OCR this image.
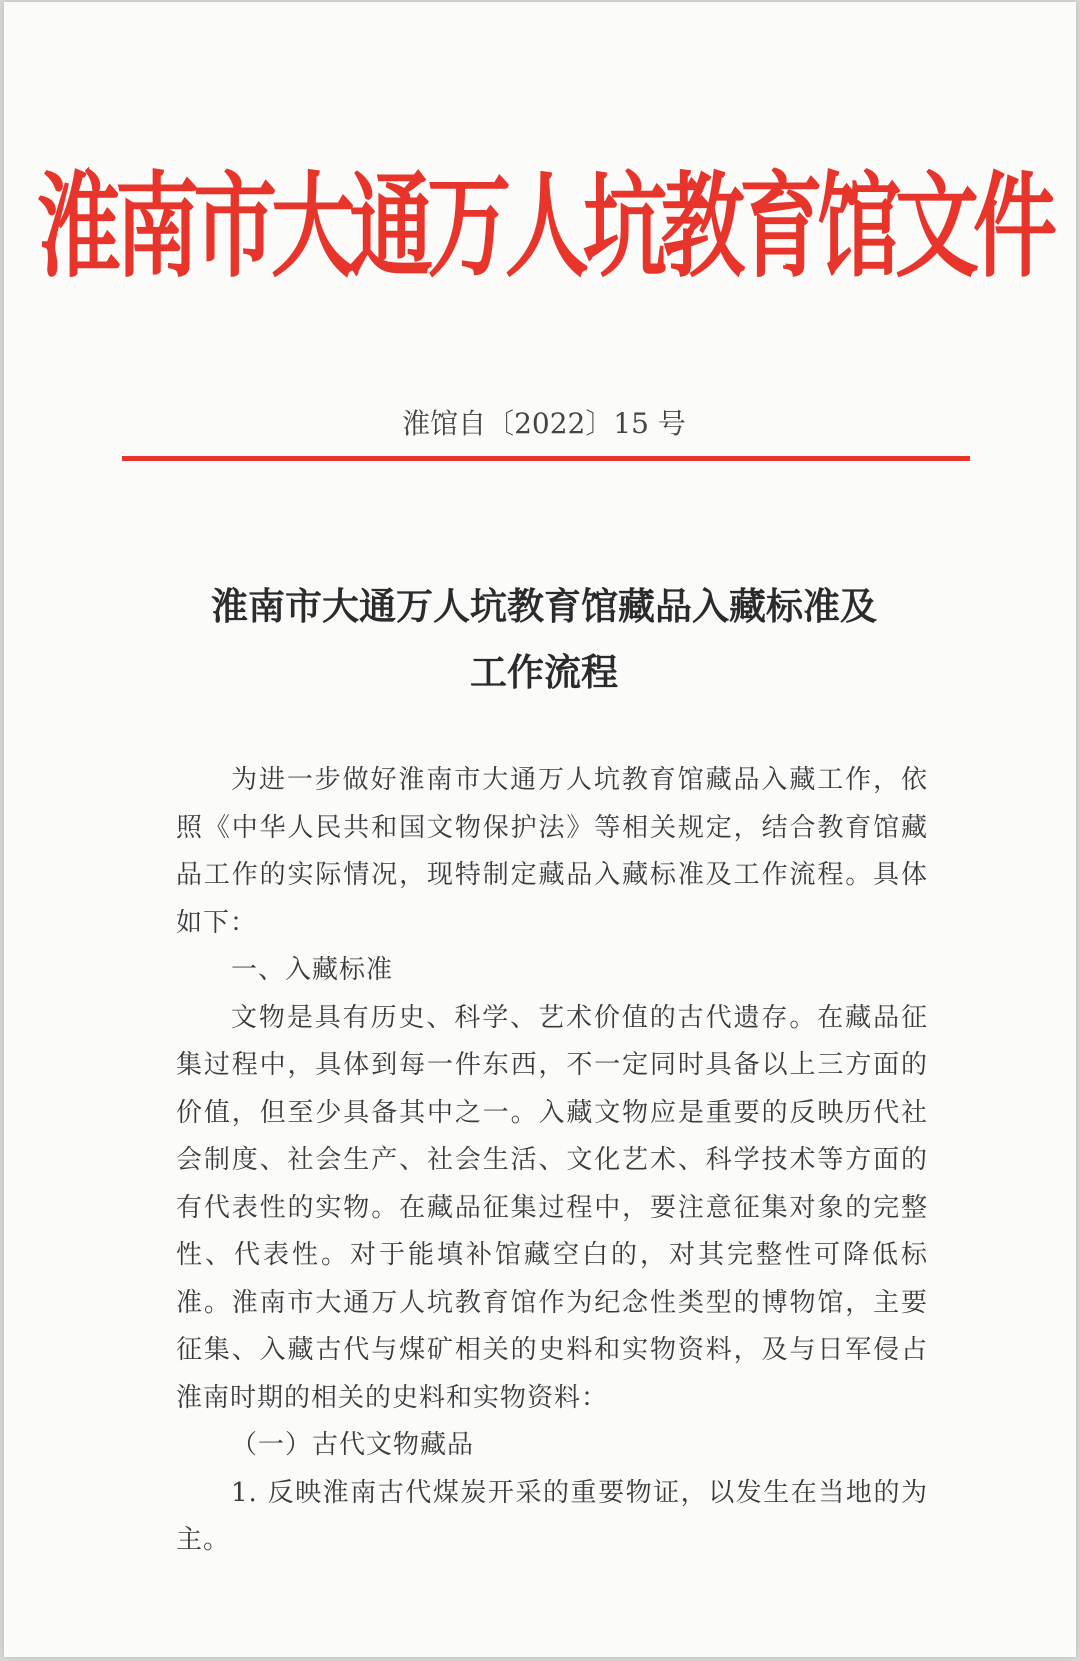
淮南市大通万人坑教育馆文件
淮馆自〔2022〕15 号
淮南市大通万人坑教育馆藏品入藏标准及
工作流程

为进一步做好淮南市大通万人坑教育馆藏品入藏工作，依照《中华人民共和国文物保护法》等相关规定，结合教育馆藏品工作的实际情况，现特制定藏品入藏标准及工作流程。具体如下：

一、入藏标准

文物是具有历史、科学、艺术价值的古代遗存。在藏品征集过程中，具体到每一件东西，不一定同时具备以上三方面的价值，但至少具备其中之一。入藏文物应是重要的反映历代社会制度、社会生产、社会生活、文化艺术、科学技术等方面的有代表性的实物。在藏品征集过程中，要注意征集对象的完整性、代表性。对于能填补馆藏空白的，对其完整性可降低标准。淮南市大通万人坑教育馆作为纪念性类型的博物馆，主要征集、入藏古代与煤矿相关的史料和实物资料，及与日军侵占淮南时期的相关的史料和实物资料：

（一）古代文物藏品

1. 反映淮南古代煤炭开采的重要物证，以发生在当地的为主。
